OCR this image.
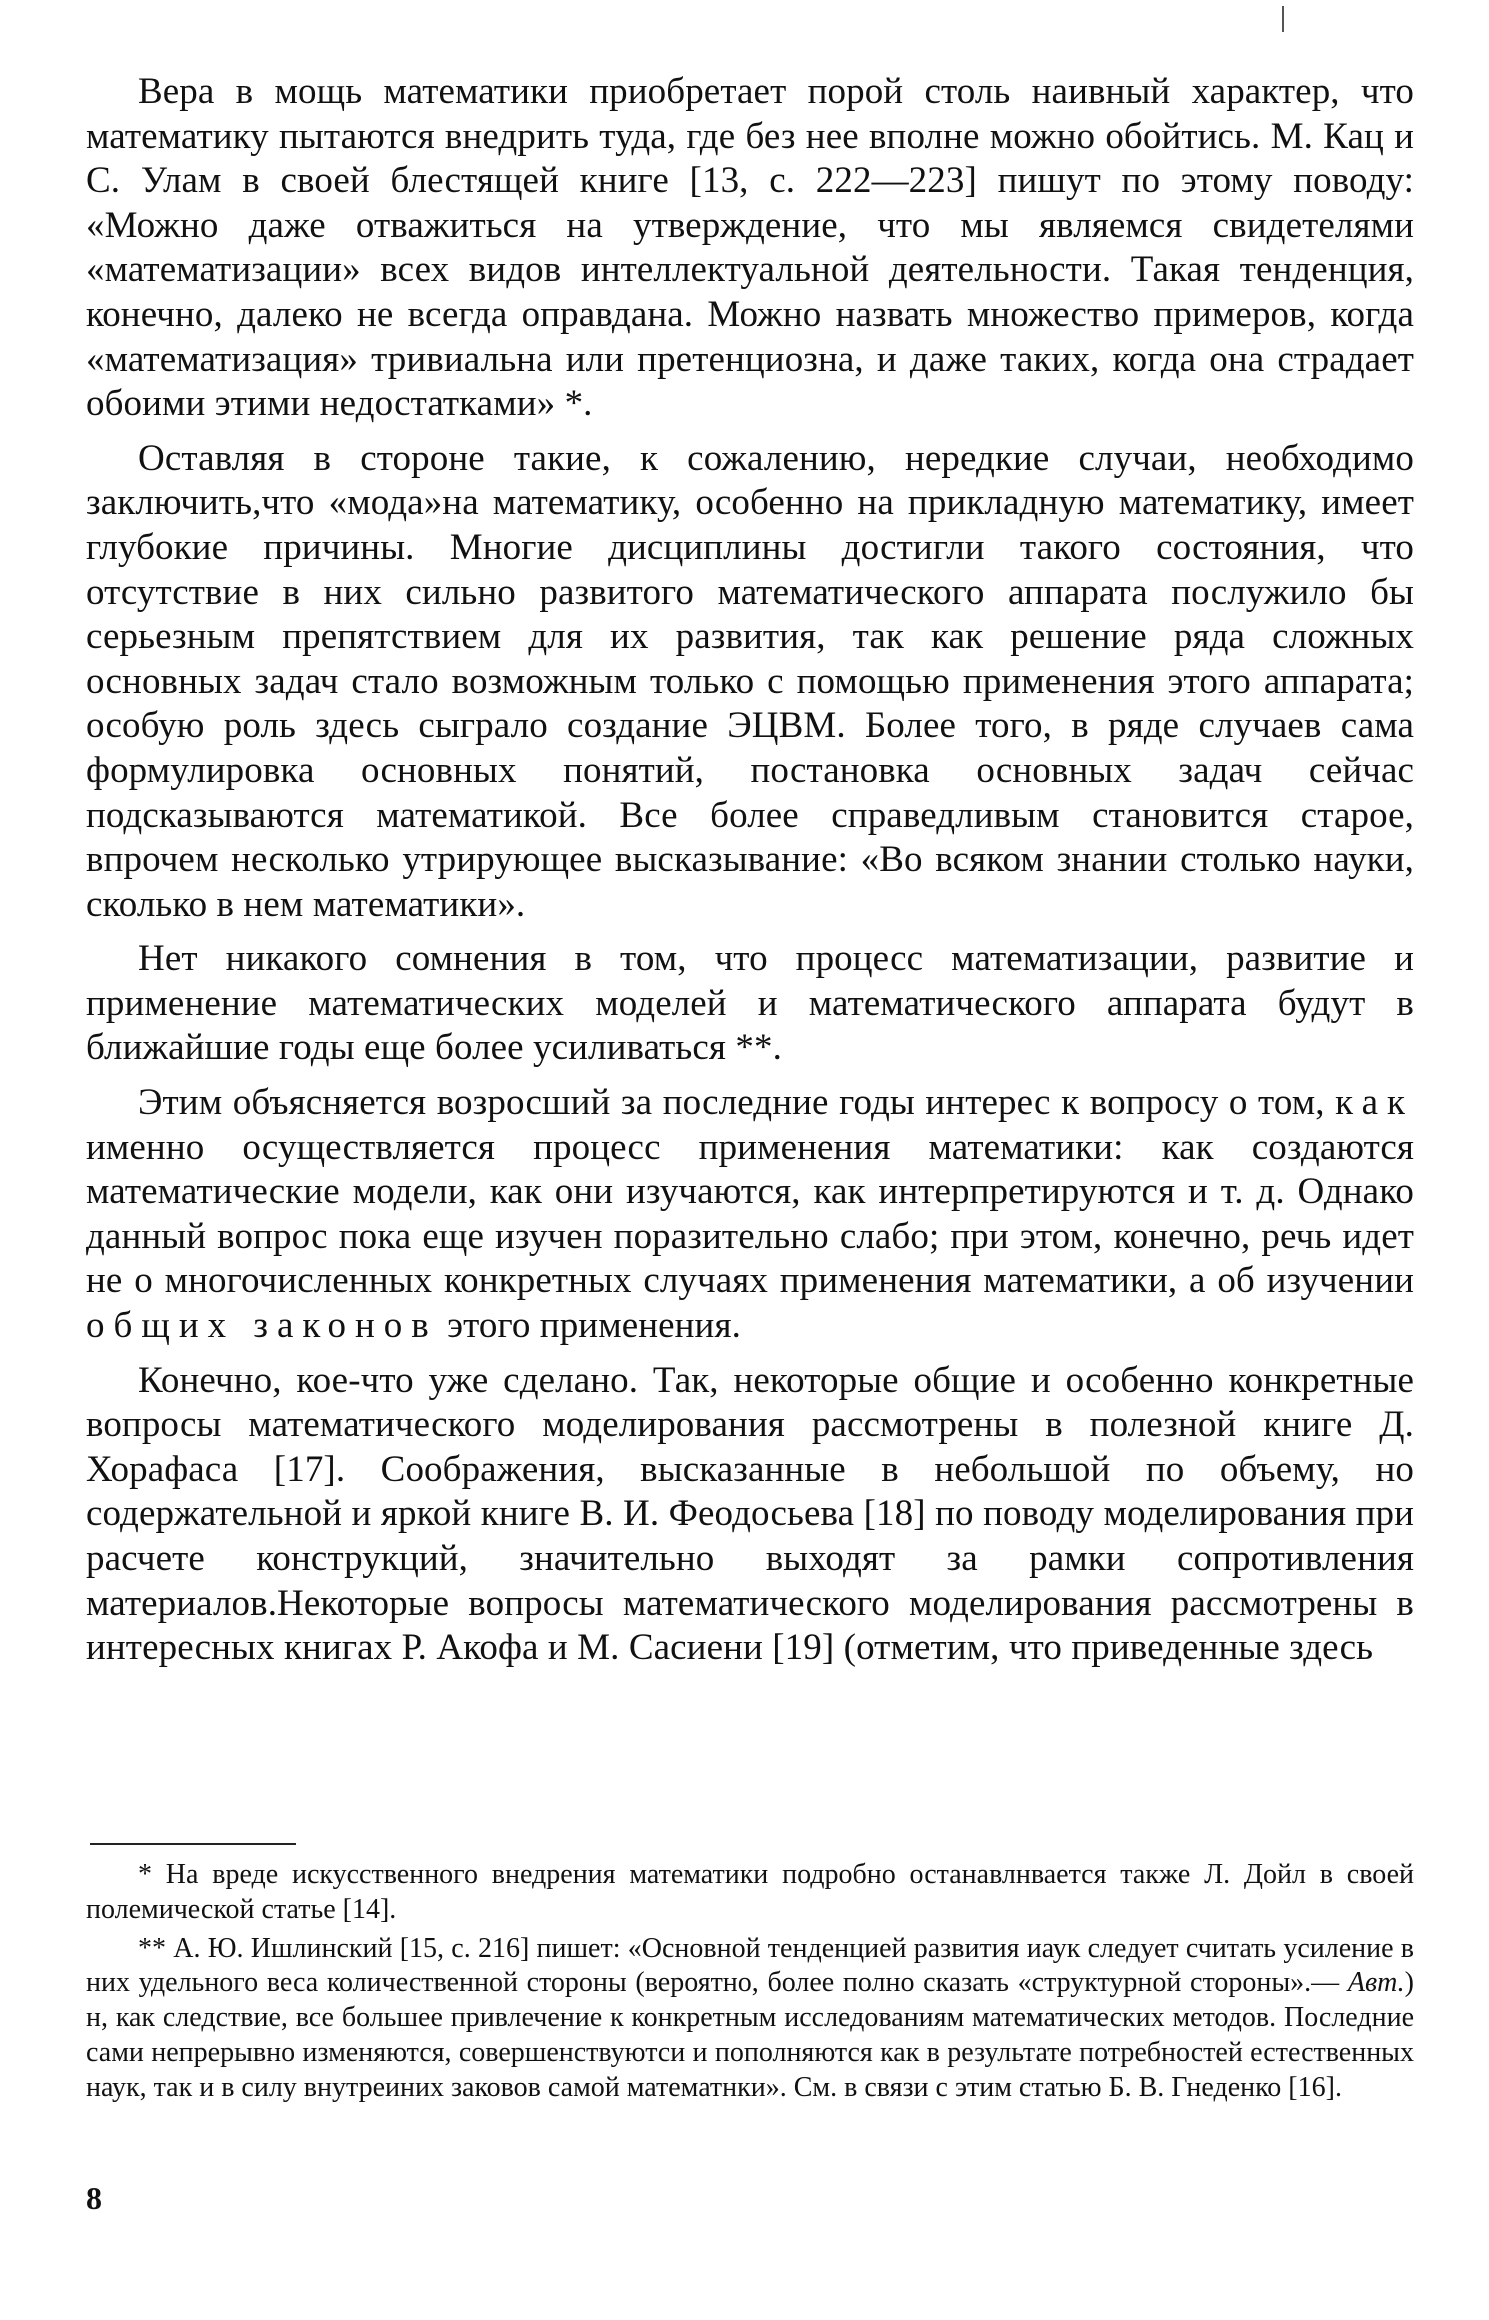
Вера в мощь математики приобретает порой столь наивный характер, что математику пытаются внедрить туда, где без нее вполне можно обойтись. М. Кац и С. Улам в своей блестящей книге [13, с. 222—223] пишут по этому поводу: «Можно даже отважиться на утверждение, что мы являемся свидетелями «математизации» всех видов интеллектуальной деятельности. Такая тенденция, конечно, далеко не всегда оправдана. Можно назвать множество примеров, когда «математизация» тривиальна или претенциозна, и даже таких, когда она страдает обоими этими недостатками» *.

Оставляя в стороне такие, к сожалению, нередкие случаи, необходимо заключить,что «мода»на математику, особенно на прикладную математику, имеет глубокие причины. Многие дисциплины достигли такого состояния, что отсутствие в них сильно развитого математического аппарата послужило бы серьезным препятствием для их развития, так как решение ряда сложных основных задач стало возможным только с помощью применения этого аппарата; особую роль здесь сыграло создание ЭЦВМ. Более того, в ряде случаев сама формулировка основных понятий, постановка основных задач сейчас подсказываются математикой. Все более справедливым становится старое, впрочем несколько утрирующее высказывание: «Во всяком знании столько науки, сколько в нем математики».

Нет никакого сомнения в том, что процесс математизации, развитие и применение математических моделей и математического аппарата будут в ближайшие годы еще более усиливаться **.

Этим объясняется возросший за последние годы интерес к вопросу о том, как именно осуществляется процесс применения математики: как создаются математические модели, как они изучаются, как интерпретируются и т. д. Однако данный вопрос пока еще изучен поразительно слабо; при этом, конечно, речь идет не о многочисленных конкретных случаях применения математики, а об изучении общих законов этого применения.

Конечно, кое-что уже сделано. Так, некоторые общие и особенно конкретные вопросы математического моделирования рассмотрены в полезной книге Д. Хорафаса [17]. Соображения, высказанные в небольшой по объему, но содержательной и яркой книге В. И. Феодосьева [18] по поводу моделирования при расчете конструкций, значительно выходят за рамки сопротивления материалов.Некоторые вопросы математического моделирования рассмотрены в интересных книгах Р. Акофа и М. Сасиени [19] (отметим, что приведенные здесь

* На вреде искусственного внедрения математики подробно останавлнвается также Л. Дойл в своей полемической статье [14].

** А. Ю. Ишлинский [15, с. 216] пишет: «Основной тенденцией развития иаук следует считать усиление в них удельного веса количественной стороны (вероятно, более полно сказать «структурной стороны».— Авт.) н, как следствие, все большее привлечение к конкретным исследованиям математических методов. Последние сами непрерывно изменяются, совершенствуютси и пополняются как в результате потребностей естественных наук, так и в силу внутреиних заковов самой математнки». См. в связи с этим статью Б. В. Гнеденко [16].

8
